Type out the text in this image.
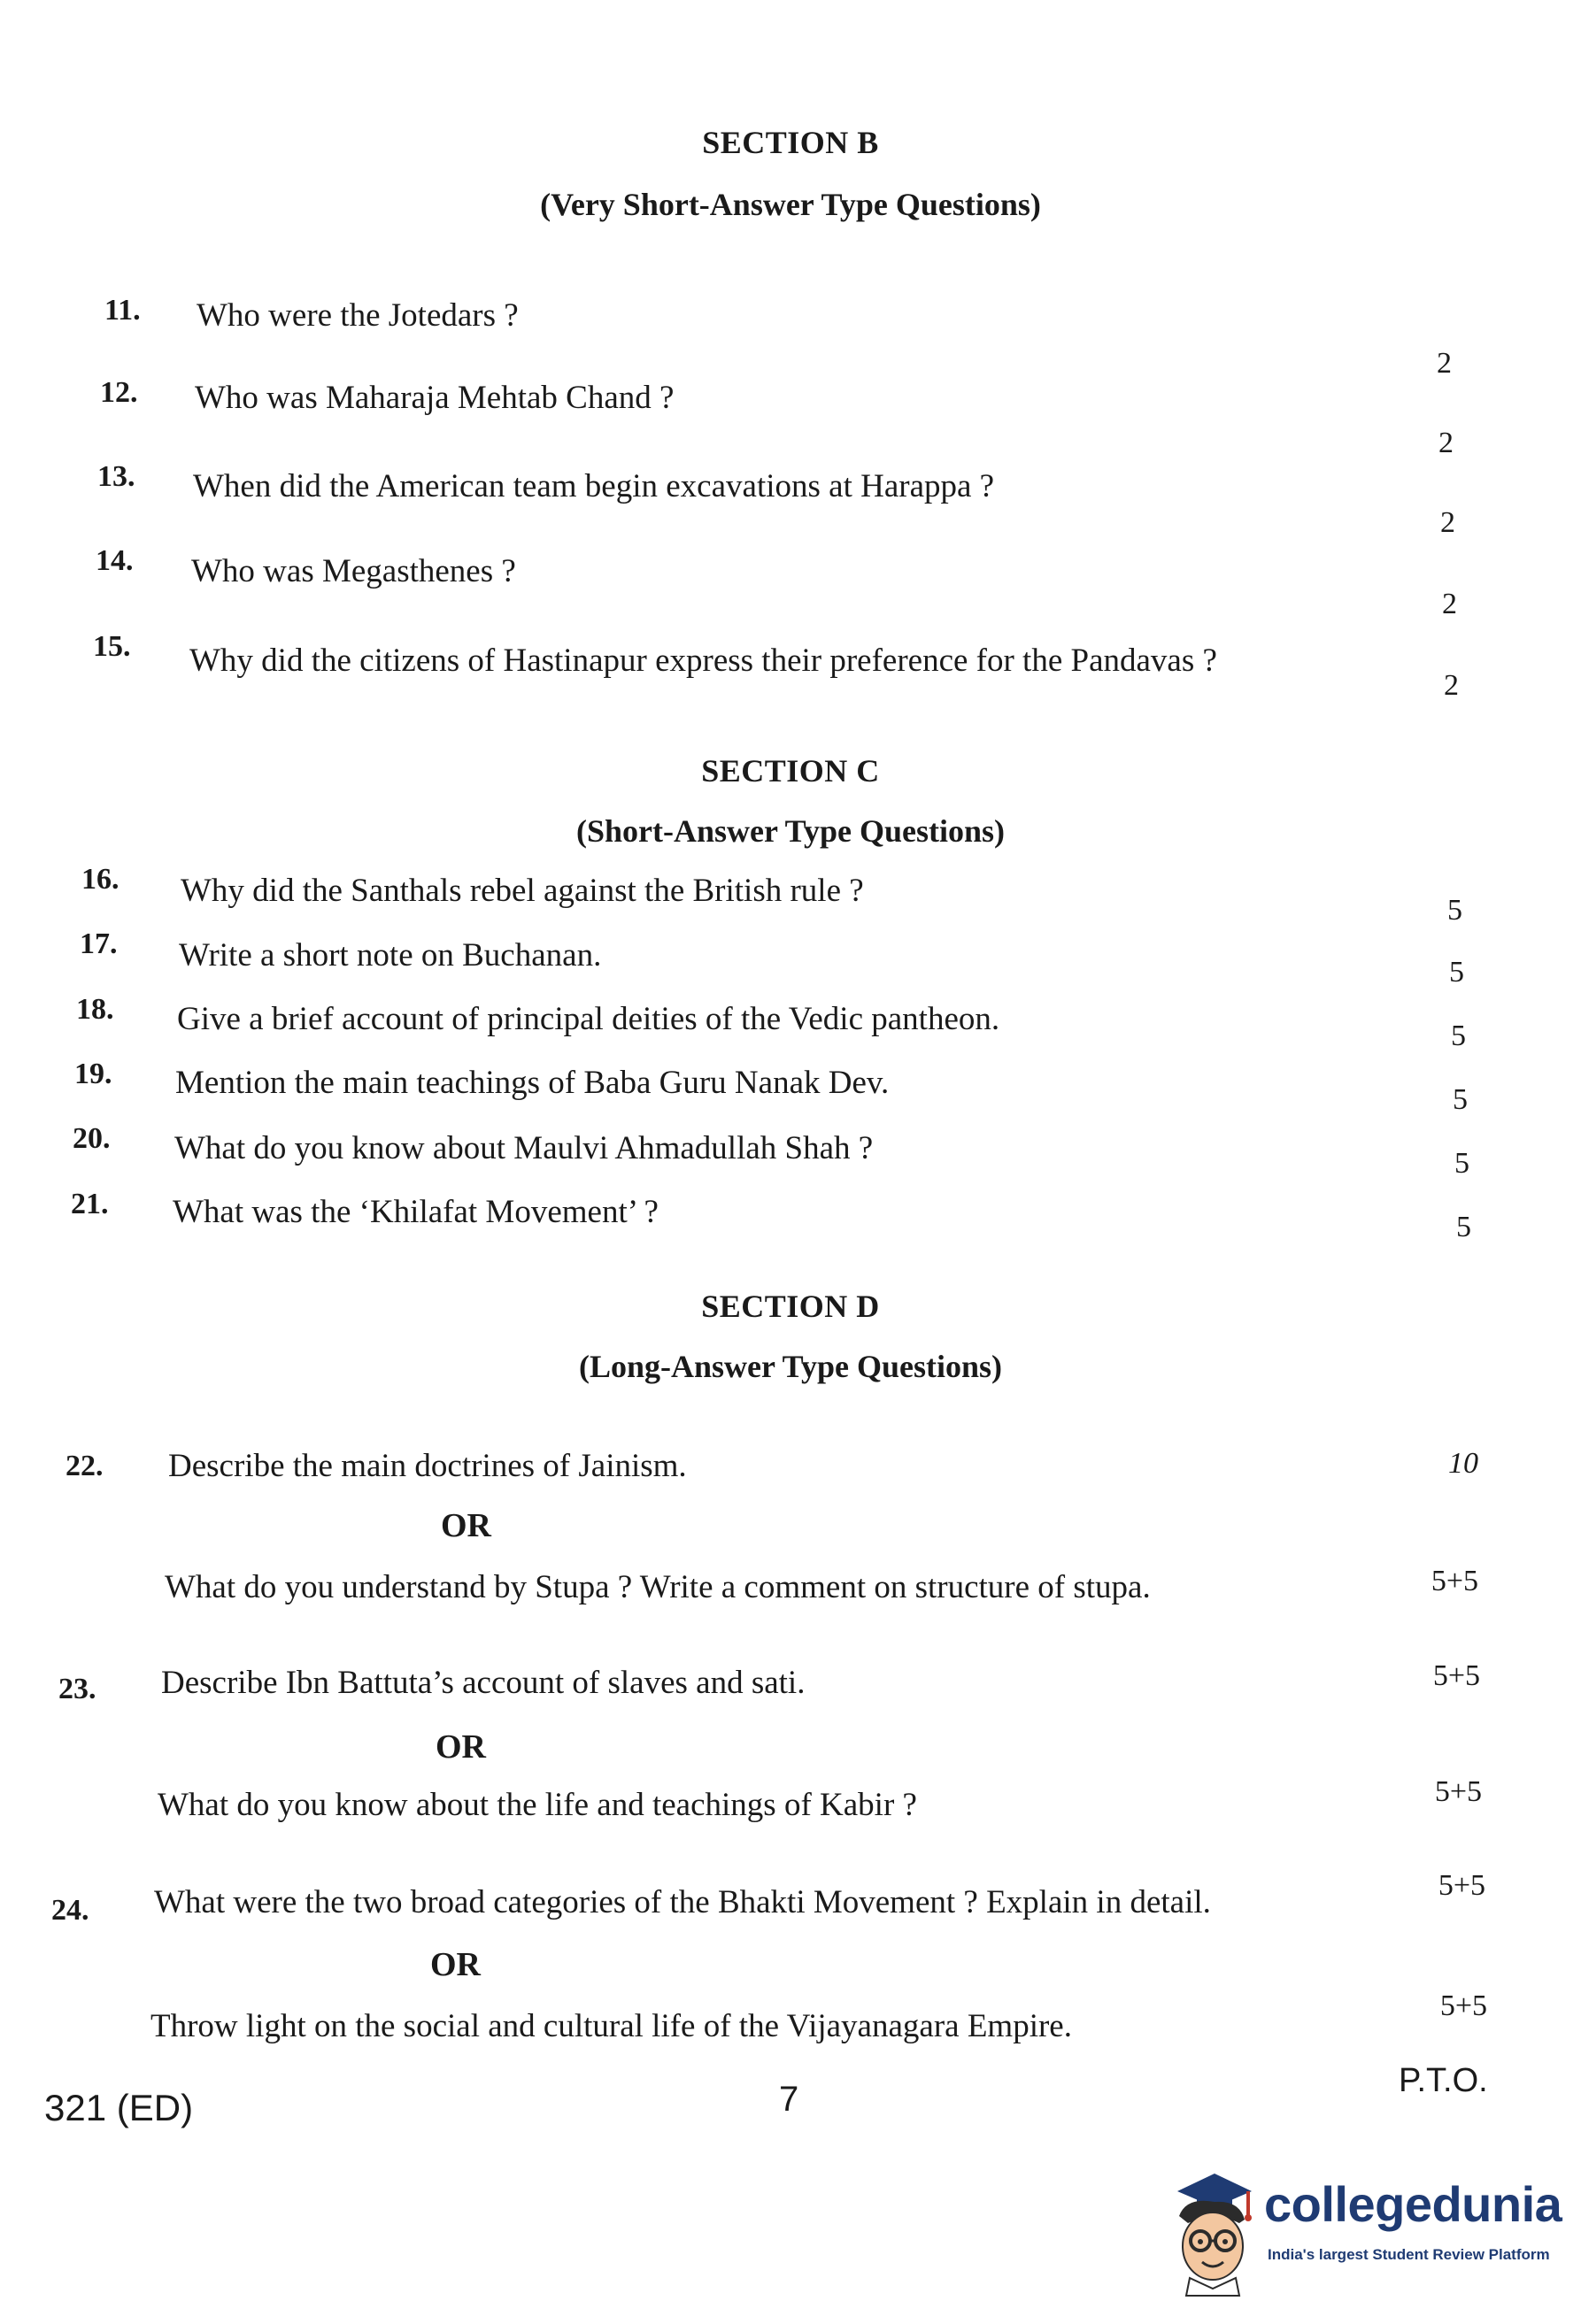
SECTION B
(Very Short-Answer Type Questions)
11. Who were the Jotedars ?
2
12. Who was Maharaja Mehtab Chand ?
2
13. When did the American team begin excavations at Harappa ?
2
14. Who was Megasthenes ?
2
15. Why did the citizens of Hastinapur express their preference for the Pandavas ?
2
SECTION C
(Short-Answer Type Questions)
16. Why did the Santhals rebel against the British rule ?
5
17. Write a short note on Buchanan.	5
18. Give a brief account of principal deities of the Vedic pantheon.	5
19. Mention the main teachings of Baba Guru Nanak Dev.	5
20. What do you know about Maulvi Ahmadullah Shah ?	5
21. What was the ‘Khilafat Movement’ ?	5
SECTION D
(Long-Answer Type Questions)
22. Describe the main doctrines of Jainism.	10
OR
What do you understand by Stupa ? Write a comment on structure of stupa.	5+5
23. Describe Ibn Battuta’s account of slaves and sati.	5+5
OR
What do you know about the life and teachings of Kabir ?	5+5
24. What were the two broad categories of the Bhakti Movement ? Explain in detail.	5+5
OR
Throw light on the social and cultural life of the Vijayanagara Empire.
5+5
321 (ED)	7	P.T.O.
collegedunia
India's largest Student Review Platform
